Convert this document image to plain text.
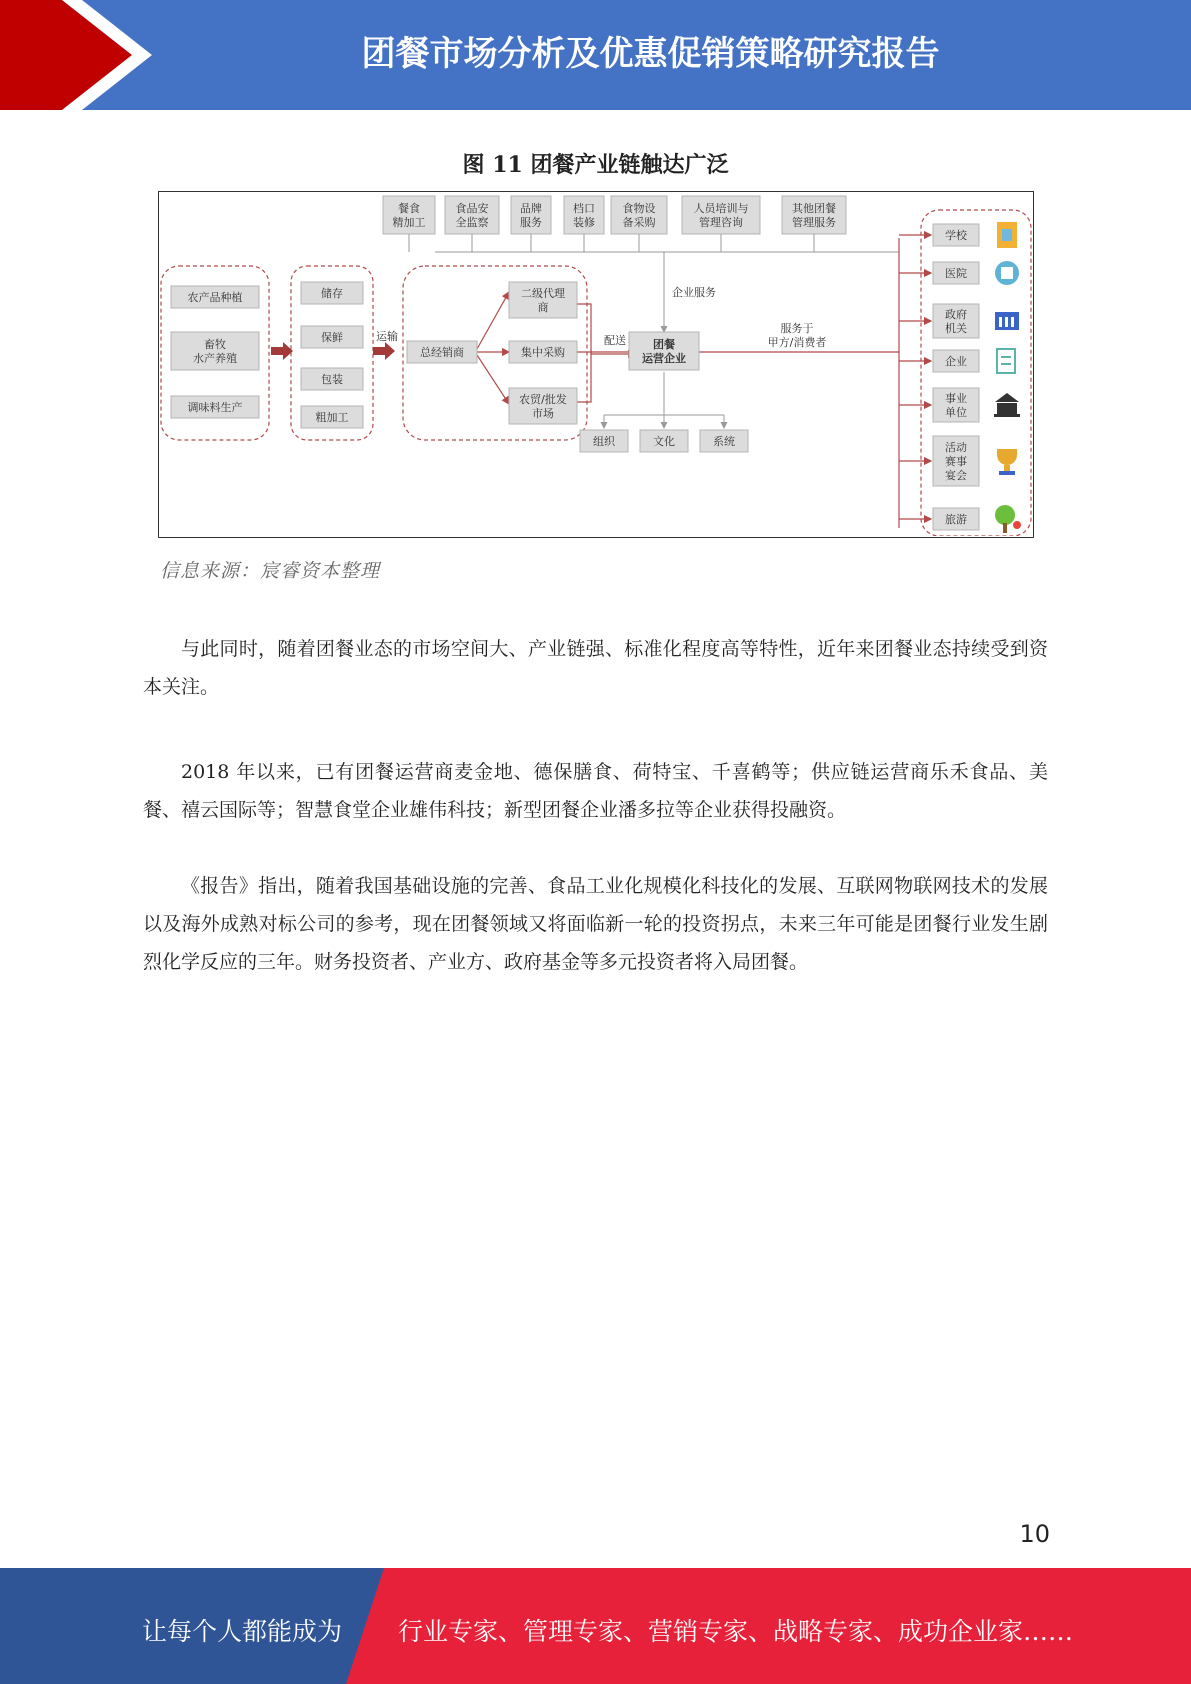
团餐市场分析及优惠促销策略研究报告
图 11 团餐产业链触达广泛
餐食
精加工
食品安
全监察
品牌
服务
档口
装修
食物设
备采购
人员培训与
管理咨询
其他团餐
管理服务
农产品种植
畜牧
水产养殖
调味料生产
储存
保鲜
包装
粗加工
运输
总经销商
二级代理
商
集中采购
农贸/批发
市场
配送
企业服务
团餐
运营企业
服务于
甲方/消费者
组织	文化	系统
学校
医院
政府
机关
企业
事业
单位
活动
赛事
宴会
旅游
信息来源：宸睿资本整理

与此同时，随着团餐业态的市场空间大、产业链强、标准化程度高等特性，近年来团餐业态持续受到资本关注。

2018 年以来，已有团餐运营商麦金地、德保膳食、荷特宝、千喜鹤等；供应链运营商乐禾食品、美餐、禧云国际等；智慧食堂企业雄伟科技；新型团餐企业潘多拉等企业获得投融资。

《报告》指出，随着我国基础设施的完善、食品工业化规模化科技化的发展、互联网物联网技术的发展以及海外成熟对标公司的参考，现在团餐领域又将面临新一轮的投资拐点，未来三年可能是团餐行业发生剧烈化学反应的三年。财务投资者、产业方、政府基金等多元投资者将入局团餐。

10
让每个人都能成为 行业专家、管理专家、营销专家、战略专家、成功企业家……
